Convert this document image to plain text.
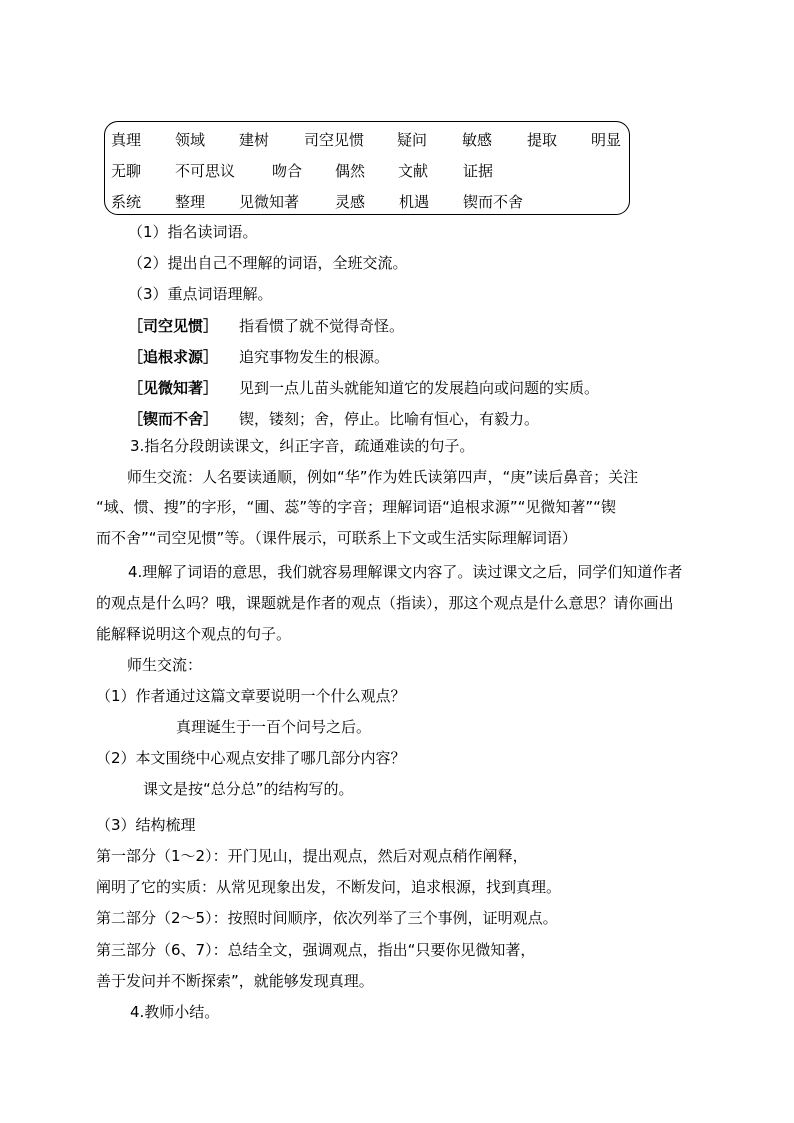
真理 领域 建树 司空见惯 疑问 敏感 提取 明显
无聊 不可思议 吻合 偶然 文献 证据
系统 整理 见微知著 灵感 机遇 锲而不舍
（1）指名读词语。
（2）提出自己不理解的词语，全班交流。
（3）重点词语理解。
［司空见惯］ 指看惯了就不觉得奇怪。
［追根求源］ 追究事物发生的根源。
［见微知著］ 见到一点儿苗头就能知道它的发展趋向或问题的实质。
［锲而不舍］ 锲，镂刻；舍，停止。比喻有恒心，有毅力。
3.指名分段朗读课文，纠正字音，疏通难读的句子。
师生交流：人名要读通顺，例如“华”作为姓氏读第四声，“庚”读后鼻音；关注
“域、惯、搜”的字形，“圃、蕊”等的字音；理解词语“追根求源”“见微知著”“锲
而不舍”“司空见惯”等。（课件展示，可联系上下文或生活实际理解词语）
4.理解了词语的意思，我们就容易理解课文内容了。读过课文之后，同学们知道作者
的观点是什么吗？哦，课题就是作者的观点（指读），那这个观点是什么意思？请你画出
能解释说明这个观点的句子。
师生交流：
（1）作者通过这篇文章要说明一个什么观点？
真理诞生于一百个问号之后。
（2）本文围绕中心观点安排了哪几部分内容？
课文是按“总分总”的结构写的。
（3）结构梳理
第一部分（1～2）：开门见山，提出观点，然后对观点稍作阐释，
阐明了它的实质：从常见现象出发，不断发问，追求根源，找到真理。
第二部分（2～5）：按照时间顺序，依次列举了三个事例，证明观点。
第三部分（6、7）：总结全文，强调观点，指出“只要你见微知著，
善于发问并不断探索”，就能够发现真理。
4.教师小结。
